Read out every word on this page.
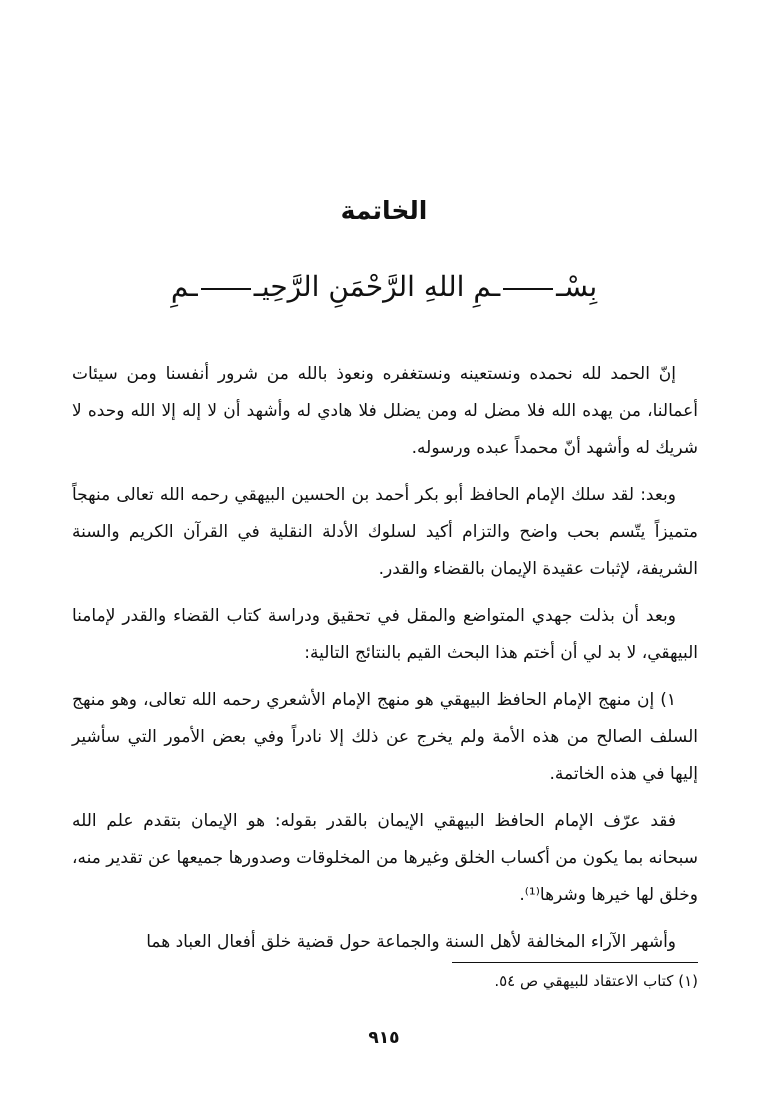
الخاتمة
بِسْــمِ اللهِ الرَّحْمَنِ الرَّحِيــمِ

إنّ الحمد لله نحمده ونستعينه ونستغفره ونعوذ بالله من شرور أنفسنا ومن سيئات أعمالنا، من يهده الله فلا مضل له ومن يضلل فلا هادي له وأشهد أن لا إله إلا الله وحده لا شريك له وأشهد أنّ محمداً عبده ورسوله.

وبعد: لقد سلك الإمام الحافظ أبو بكر أحمد بن الحسين البيهقي رحمه الله تعالى منهجاً متميزاً يتّسم بحب واضح والتزام أكيد لسلوك الأدلة النقلية في القرآن الكريم والسنة الشريفة، لإثبات عقيدة الإيمان بالقضاء والقدر.

وبعد أن بذلت جهدي المتواضع والمقل في تحقيق ودراسة كتاب القضاء والقدر لإمامنا البيهقي، لا بد لي أن أختم هذا البحث القيم بالنتائج التالية:

١) إن منهج الإمام الحافظ البيهقي هو منهج الإمام الأشعري رحمه الله تعالى، وهو منهج السلف الصالح من هذه الأمة ولم يخرج عن ذلك إلا نادراً وفي بعض الأمور التي سأشير إليها في هذه الخاتمة.

فقد عرّف الإمام الحافظ البيهقي الإيمان بالقدر بقوله: هو الإيمان بتقدم علم الله سبحانه بما يكون من أكساب الخلق وغيرها من المخلوقات وصدورها جميعها عن تقدير منه، وخلق لها خيرها وشرها⁽¹⁾.

وأشهر الآراء المخالفة لأهل السنة والجماعة حول قضية خلق أفعال العباد هما

(١) كتاب الاعتقاد للبيهقي ص ٥٤.
٩١٥
